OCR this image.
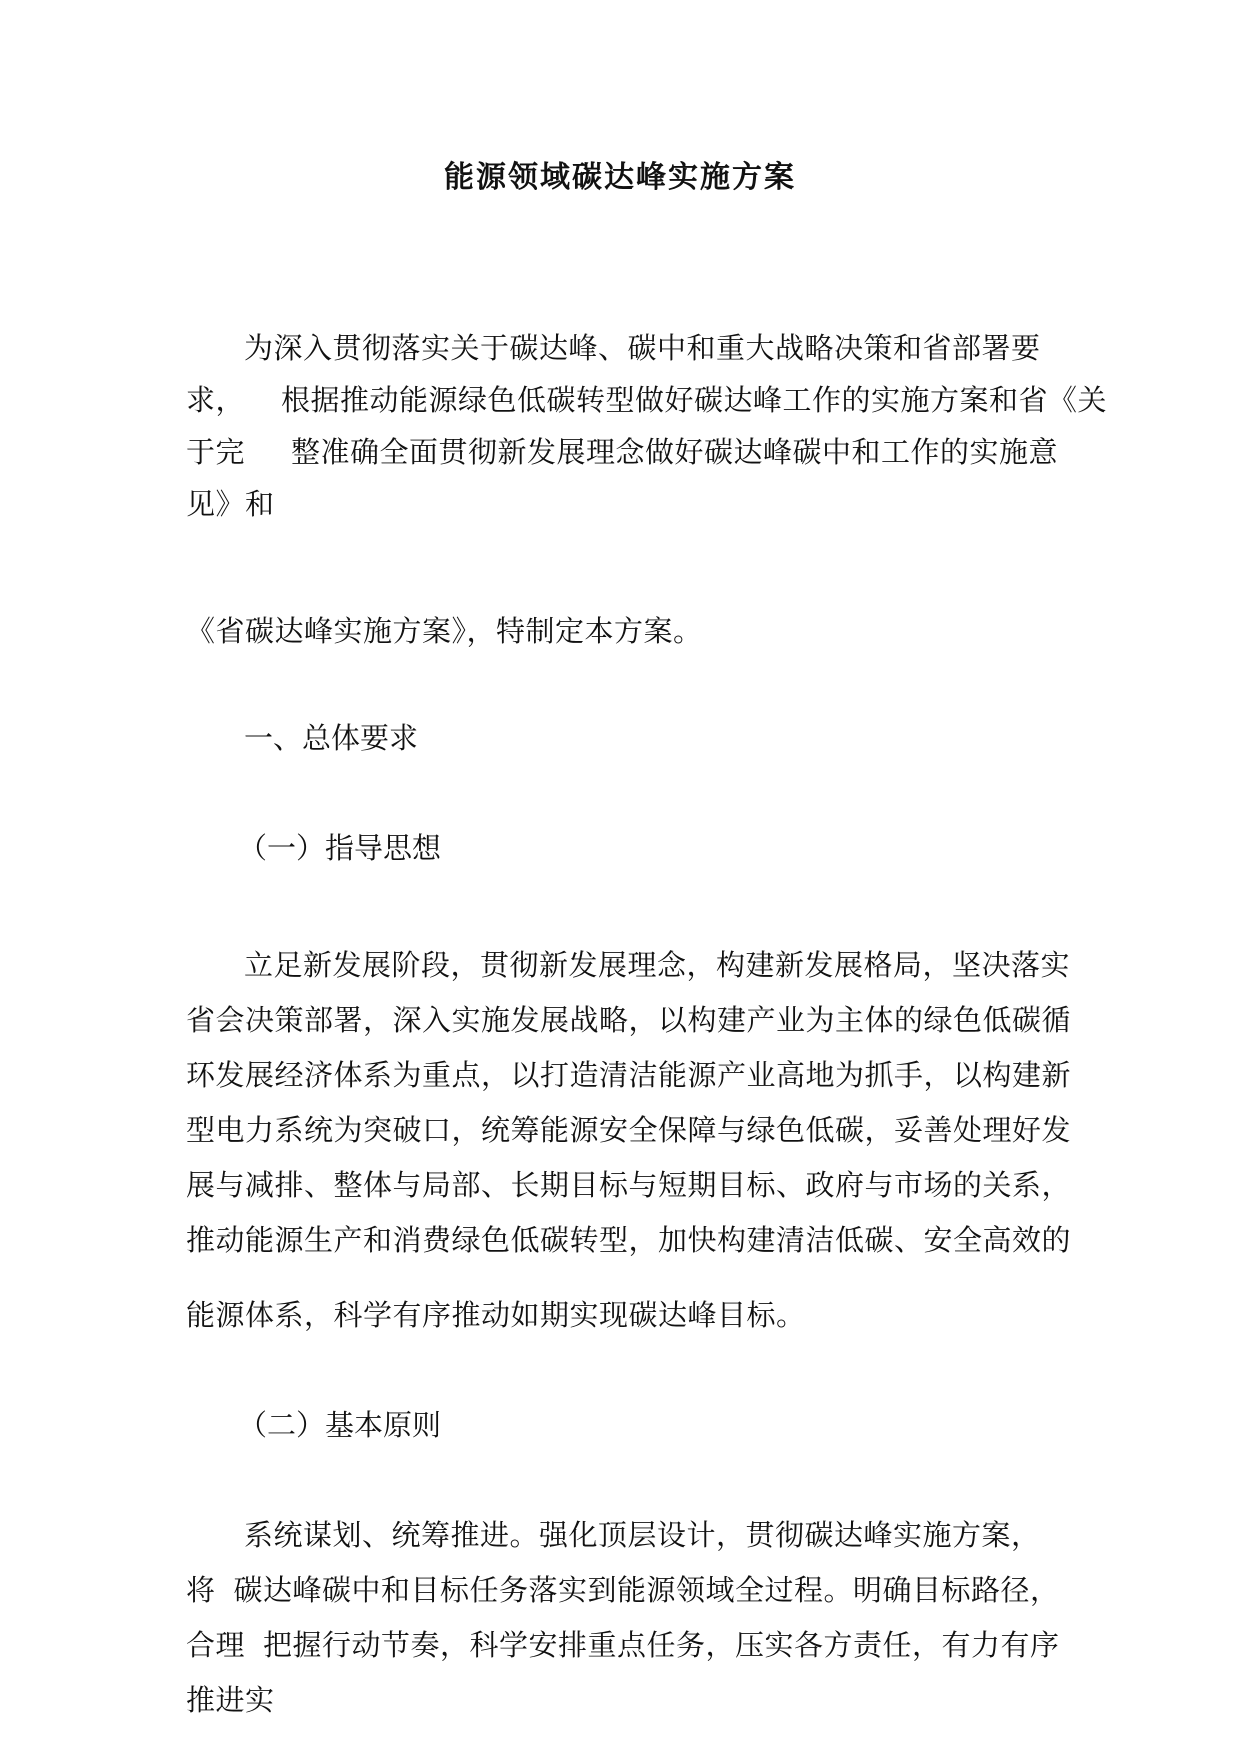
能源领域碳达峰实施方案
为深入贯彻落实关于碳达峰、碳中和重大战略决策和省部署要
求， 根据推动能源绿色低碳转型做好碳达峰工作的实施方案和省《关
于完 整准确全面贯彻新发展理念做好碳达峰碳中和工作的实施意
见》和
《省碳达峰实施方案》，特制定本方案。
一、总体要求
（一）指导思想
立足新发展阶段，贯彻新发展理念，构建新发展格局，坚决落实
省会决策部署，深入实施发展战略，以构建产业为主体的绿色低碳循
环发展经济体系为重点，以打造清洁能源产业高地为抓手，以构建新
型电力系统为突破口，统筹能源安全保障与绿色低碳，妥善处理好发
展与减排、整体与局部、长期目标与短期目标、政府与市场的关系，
推动能源生产和消费绿色低碳转型，加快构建清洁低碳、安全高效的
能源体系，科学有序推动如期实现碳达峰目标。
（二）基本原则
系统谋划、统筹推进。强化顶层设计，贯彻碳达峰实施方案，
将 碳达峰碳中和目标任务落实到能源领域全过程。明确目标路径，
合理 把握行动节奏，科学安排重点任务，压实各方责任，有力有序
推进实
